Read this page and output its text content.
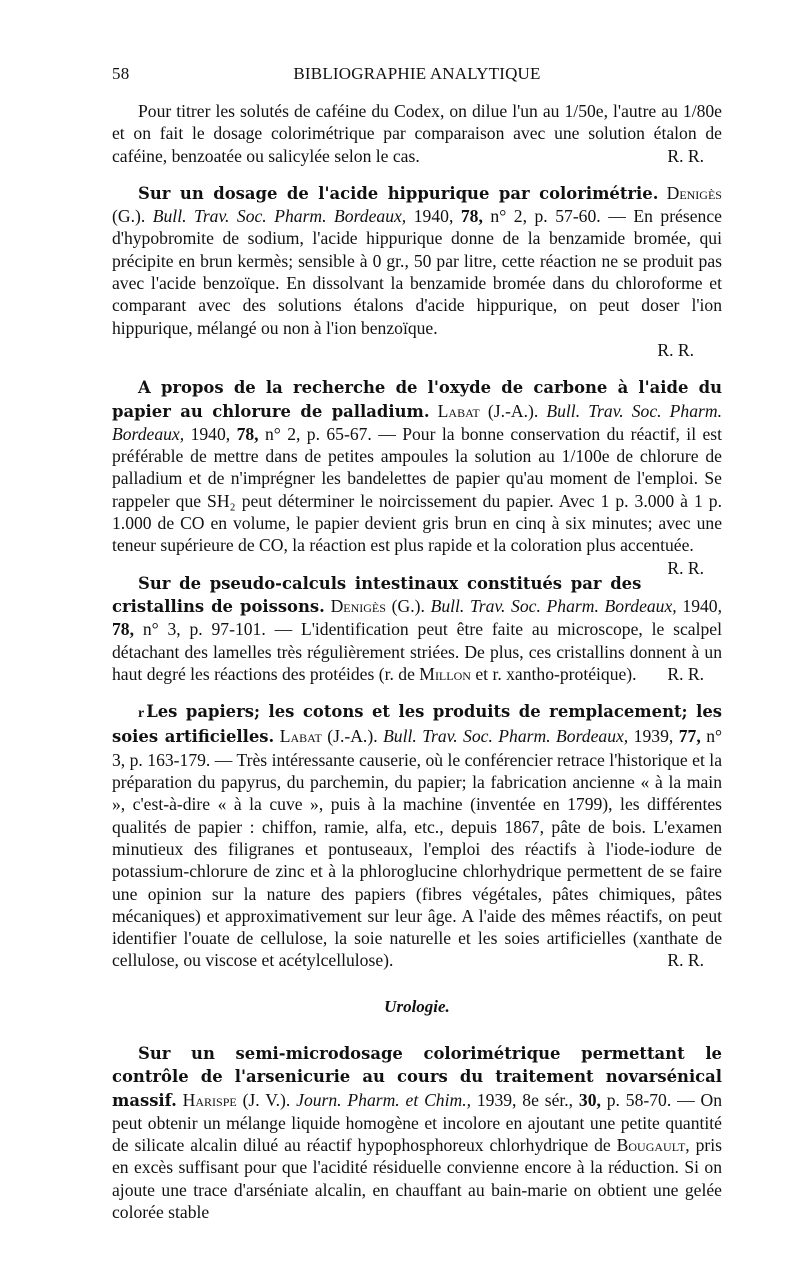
58	BIBLIOGRAPHIE ANALYTIQUE

Pour titrer les solutés de caféine du Codex, on dilue l'un au 1/50e, l'autre au 1/80e et on fait le dosage colorimétrique par comparaison avec une solution étalon de caféine, benzoatée ou salicylée selon le cas.	R. R.

Sur un dosage de l'acide hippurique par colorimétrie. Denigès (G.). Bull. Trav. Soc. Pharm. Bordeaux, 1940, 78, n° 2, p. 57-60. — En présence d'hypobromite de sodium, l'acide hippurique donne de la benzamide bromée, qui précipite en brun kermès; sensible à 0 gr., 50 par litre, cette réaction ne se produit pas avec l'acide benzoïque. En dissolvant la benzamide bromée dans du chloroforme et comparant avec des solutions étalons d'acide hippurique, on peut doser l'ion hippurique, mélangé ou non à l'ion benzoïque.

R. R.

A propos de la recherche de l'oxyde de carbone à l'aide du papier au chlorure de palladium. Labat (J.-A.). Bull. Trav. Soc. Pharm. Bordeaux, 1940, 78, n° 2, p. 65-67. — Pour la bonne conservation du réactif, il est préférable de mettre dans de petites ampoules la solution au 1/100e de chlorure de palladium et de n'imprégner les bandelettes de papier qu'au moment de l'emploi. Se rappeler que SH₂ peut déterminer le noircissement du papier. Avec 1 p. 3.000 à 1 p. 1.000 de CO en volume, le papier devient gris brun en cinq à six minutes; avec une teneur supérieure de CO, la réaction est plus rapide et la coloration plus accentuée.
R. R.

Sur de pseudo-calculs intestinaux constitués par des cristallins de poissons. Denigès (G.). Bull. Trav. Soc. Pharm. Bordeaux, 1940, 78, n° 3, p. 97-101. — L'identification peut être faite au microscope, le scalpel détachant des lamelles très régulièrement striées. De plus, ces cristallins donnent à un haut degré les réactions des protéides (r. de Millon et r. xantho-protéique).	R. R.

r Les papiers; les cotons et les produits de remplacement; les soies artificielles. Labat (J.-A.). Bull. Trav. Soc. Pharm. Bordeaux, 1939, 77, n° 3, p. 163-179. — Très intéressante causerie, où le conférencier retrace l'historique et la préparation du papyrus, du parchemin, du papier; la fabrication ancienne « à la main », c'est-à-dire « à la cuve », puis à la machine (inventée en 1799), les différentes qualités de papier : chiffon, ramie, alfa, etc., depuis 1867, pâte de bois. L'examen minutieux des filigranes et pontuseaux, l'emploi des réactifs à l'iode-iodure de potassium-chlorure de zinc et à la phloroglucine chlorhydrique permettent de se faire une opinion sur la nature des papiers (fibres végétales, pâtes chimiques, pâtes mécaniques) et approximativement sur leur âge. A l'aide des mêmes réactifs, on peut identifier l'ouate de cellulose, la soie naturelle et les soies artificielles (xanthate de cellulose, ou viscose et acétylcellulose).	R. R.

Urologie.

Sur un semi-microdosage colorimétrique permettant le contrôle de l'arsenicurie au cours du traitement novarsénical massif. Harispe (J. V.). Journ. Pharm. et Chim., 1939, 8e sér., 30, p. 58-70. — On peut obtenir un mélange liquide homogène et incolore en ajoutant une petite quantité de silicate alcalin dilué au réactif hypophosphoreux chlorhydrique de Bougault, pris en excès suffisant pour que l'acidité résiduelle convienne encore à la réduction. Si on ajoute une trace d'arséniate alcalin, en chauffant au bain-marie on obtient une gelée colorée stable
